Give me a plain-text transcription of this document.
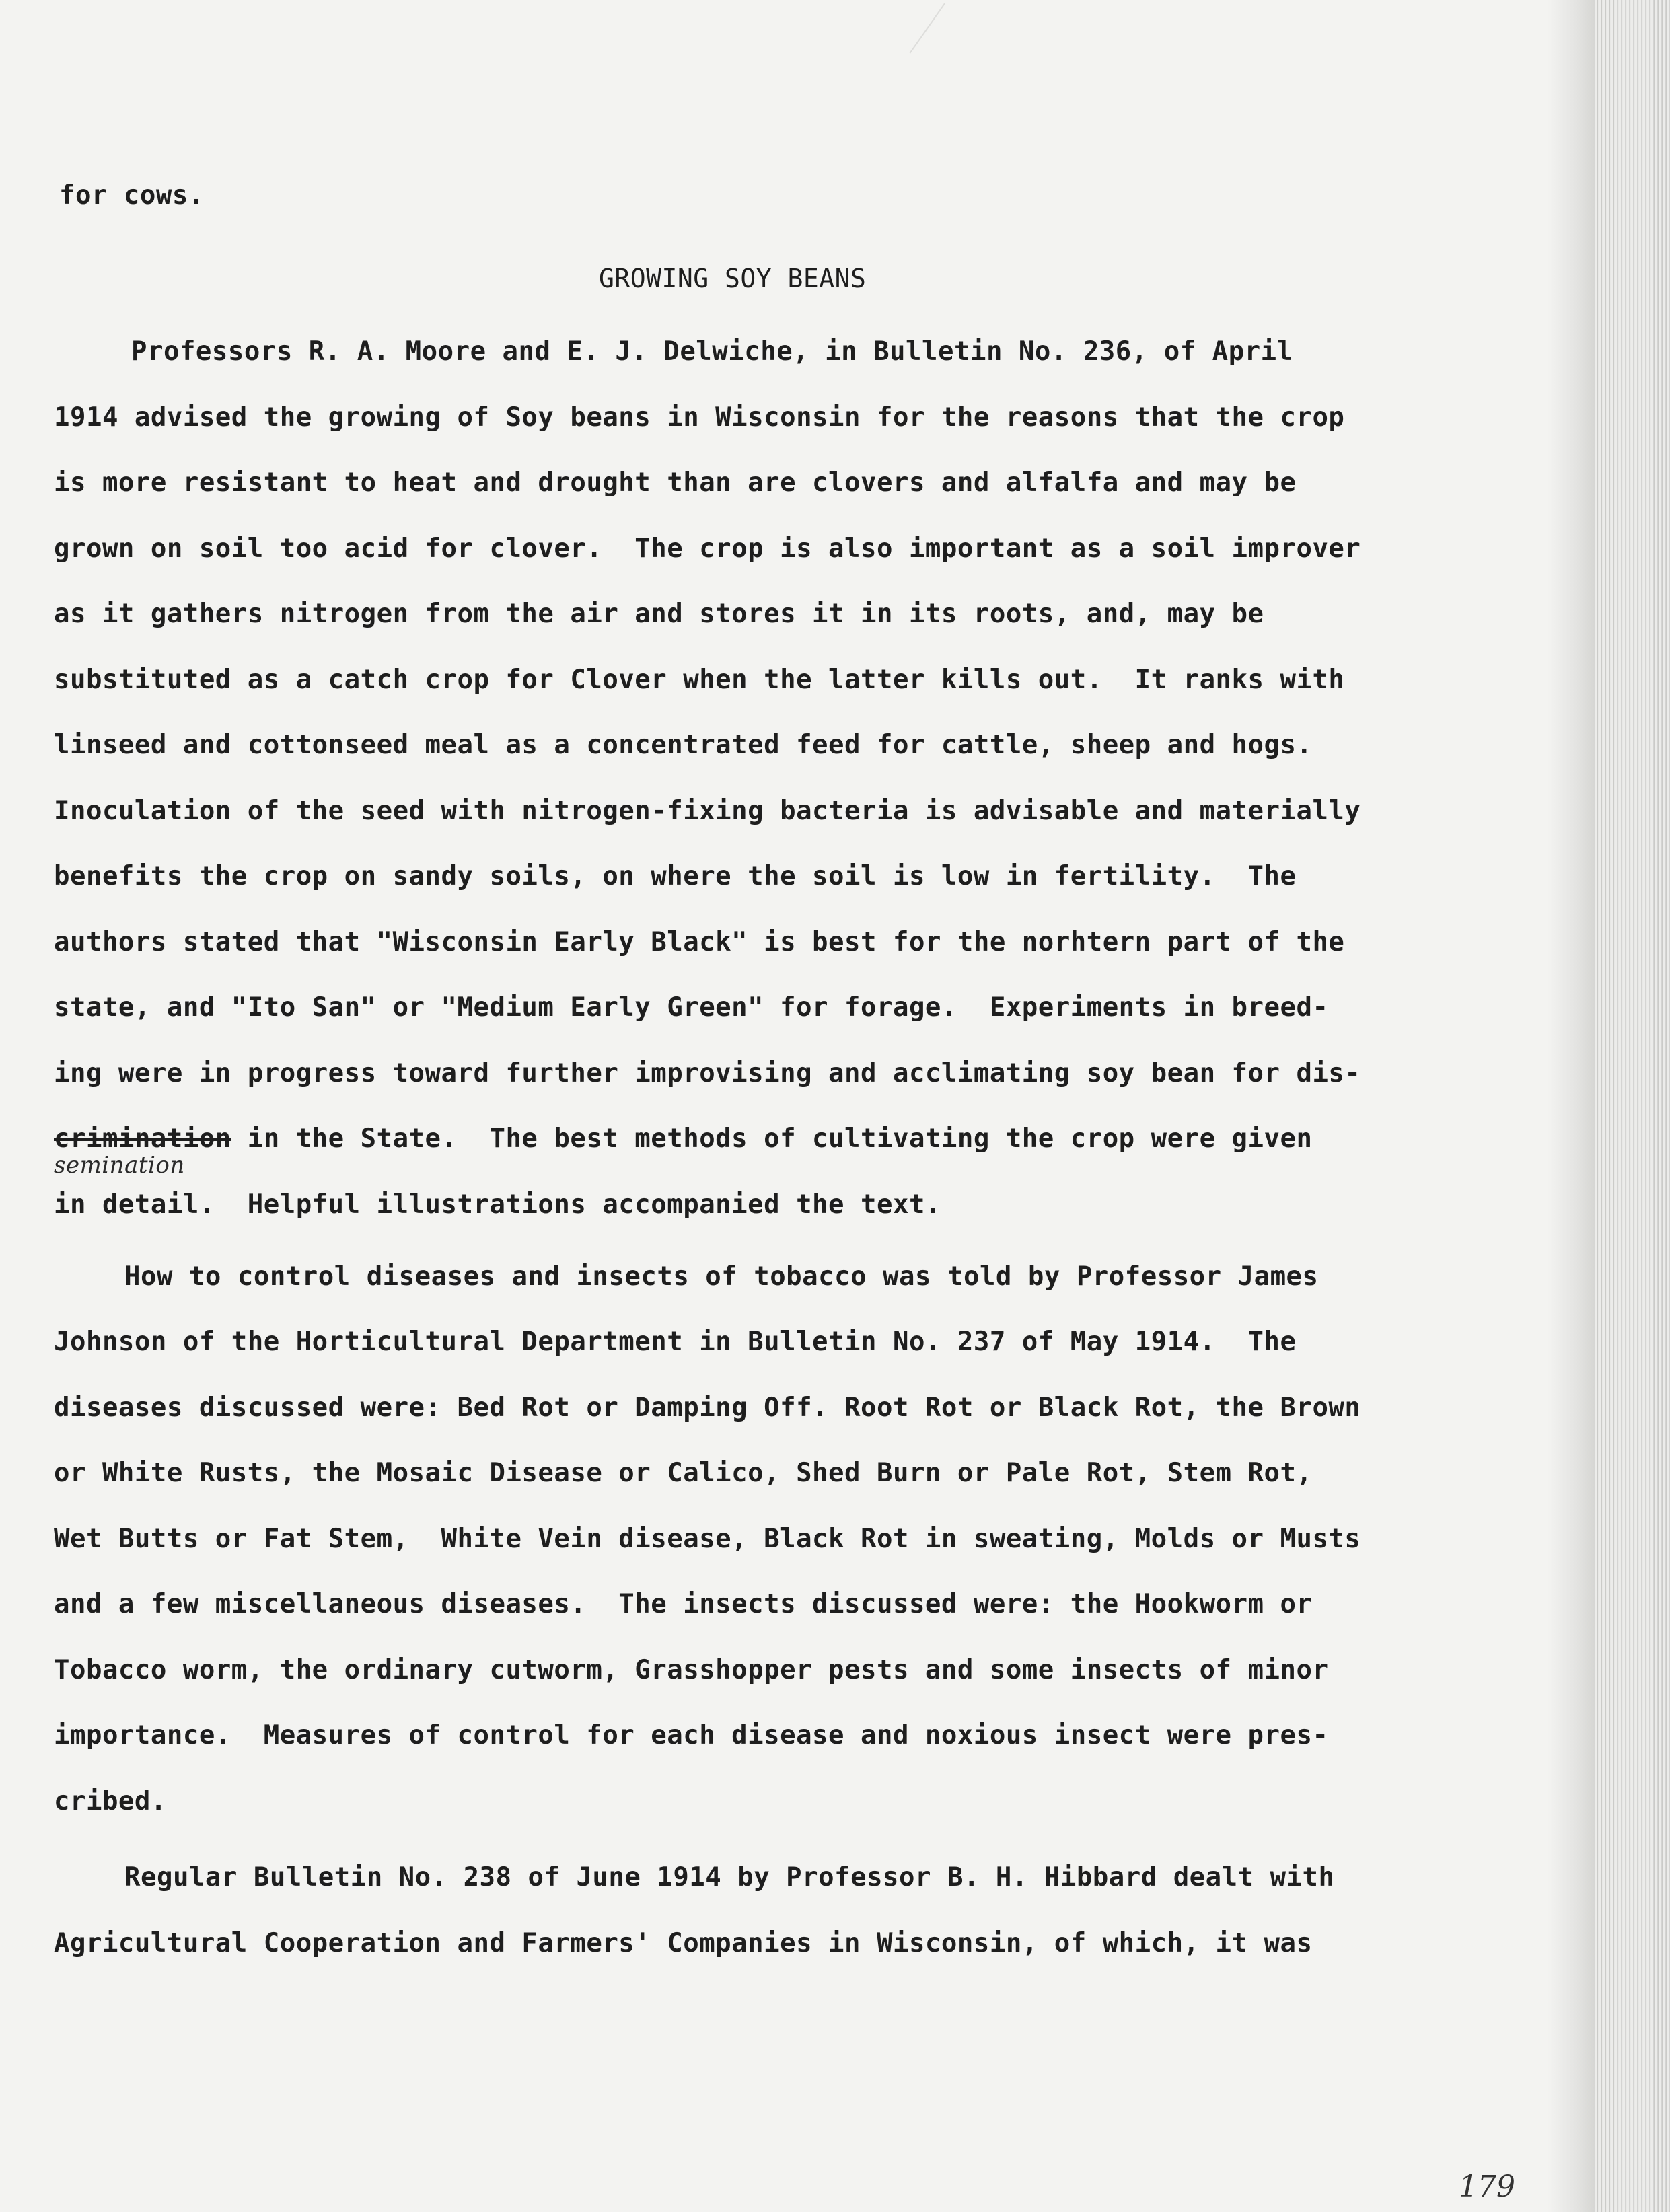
for cows.

GROWING SOY BEANS

Professors R. A. Moore and E. J. Delwiche, in Bulletin No. 236, of April

1914 advised the growing of Soy beans in Wisconsin for the reasons that the crop

is more resistant to heat and drought than are clovers and alfalfa and may be

grown on soil too acid for clover.  The crop is also important as a soil improver

as it gathers nitrogen from the air and stores it in its roots, and, may be

substituted as a catch crop for Clover when the latter kills out.  It ranks with

linseed and cottonseed meal as a concentrated feed for cattle, sheep and hogs.

Inoculation of the seed with nitrogen-fixing bacteria is advisable and materially

benefits the crop on sandy soils, on where the soil is low in fertility.  The

authors stated that "Wisconsin Early Black" is best for the norhtern part of the

state, and "Ito San" or "Medium Early Green" for forage.  Experiments in breed-

ing were in progress toward further improvising and acclimating soy bean for dis-

semination

crimination in the State.  The best methods of cultivating the crop were given

in detail.  Helpful illustrations accompanied the text.

How to control diseases and insects of tobacco was told by Professor James

Johnson of the Horticultural Department in Bulletin No. 237 of May 1914.  The

diseases discussed were: Bed Rot or Damping Off. Root Rot or Black Rot, the Brown

or White Rusts, the Mosaic Disease or Calico, Shed Burn or Pale Rot, Stem Rot,

Wet Butts or Fat Stem,  White Vein disease, Black Rot in sweating, Molds or Musts

and a few miscellaneous diseases.  The insects discussed were: the Hookworm or

Tobacco worm, the ordinary cutworm, Grasshopper pests and some insects of minor

importance.  Measures of control for each disease and noxious insect were pres-

cribed.

Regular Bulletin No. 238 of June 1914 by Professor B. H. Hibbard dealt with

Agricultural Cooperation and Farmers' Companies in Wisconsin, of which, it was

179
